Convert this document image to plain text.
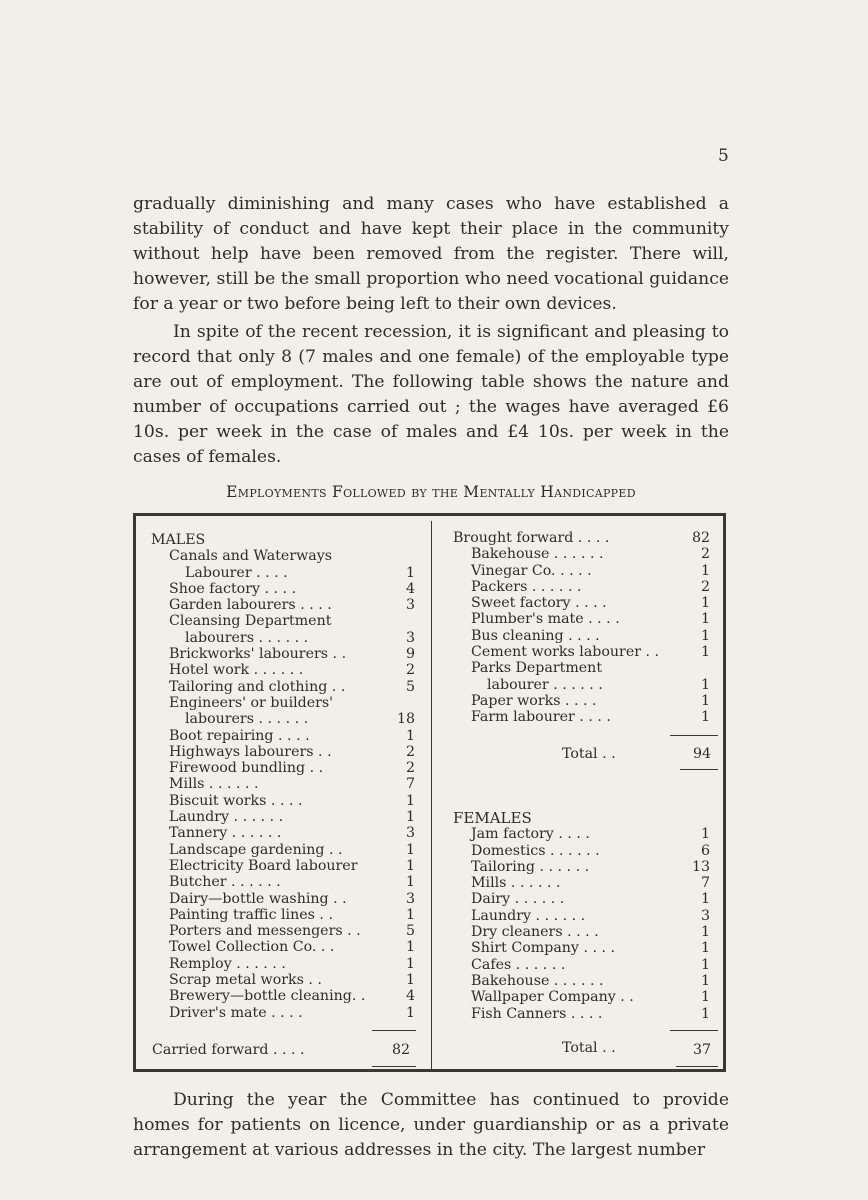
5

gradually diminishing and many cases who have established a stability of conduct and have kept their place in the community without help have been removed from the register. There will, however, still be the small proportion who need vocational guidance for a year or two before being left to their own devices.

In spite of the recent recession, it is significant and pleasing to record that only 8 (7 males and one female) of the employable type are out of employment. The following table shows the nature and number of occupations carried out ; the wages have averaged £6 10s. per week in the case of males and £4 10s. per week in the cases of females.

Employments Followed by the Mentally Handicapped
MALES
Canals and Waterways
Labourer . . . .	1
Shoe factory . . . .	4
Garden labourers . . . .	3
Cleansing Department
labourers . . . . . .	3
Brickworks' labourers . .	9
Hotel work . . . . . .	2
Tailoring and clothing . .	5
Engineers' or builders'
labourers . . . . . .	18
Boot repairing . . . .	1
Highways labourers . .	2
Firewood bundling . .	2
Mills . . . . . .	7
Biscuit works . . . .	1
Laundry . . . . . .	1
Tannery . . . . . .	3
Landscape gardening . .	1
Electricity Board labourer	1
Butcher . . . . . .	1
Dairy—bottle washing . .	3
Painting traffic lines . .	1
Porters and messengers . .	5
Towel Collection Co. . .	1
Remploy . . . . . .	1
Scrap metal works . .	1
Brewery—bottle cleaning. .	4
Driver's mate . . . .	1
Carried forward . . . .	82
Brought forward . . . .	82
Bakehouse . . . . . .	2
Vinegar Co. . . . .	1
Packers . . . . . .	2
Sweet factory . . . .	1
Plumber's mate . . . .	1
Bus cleaning . . . .	1
Cement works labourer . .	1
Parks Department
labourer . . . . . .	1
Paper works . . . .	1
Farm labourer . . . .	1
Total . .	94
FEMALES
Jam factory . . . .	1
Domestics . . . . . .	6
Tailoring . . . . . .	13
Mills . . . . . .	7
Dairy . . . . . .	1
Laundry . . . . . .	3
Dry cleaners . . . .	1
Shirt Company . . . .	1
Cafes . . . . . .	1
Bakehouse . . . . . .	1
Wallpaper Company . .	1
Fish Canners . . . .	1
Total . .	37

During the year the Committee has continued to provide homes for patients on licence, under guardianship or as a private arrangement at various addresses in the city. The largest number
